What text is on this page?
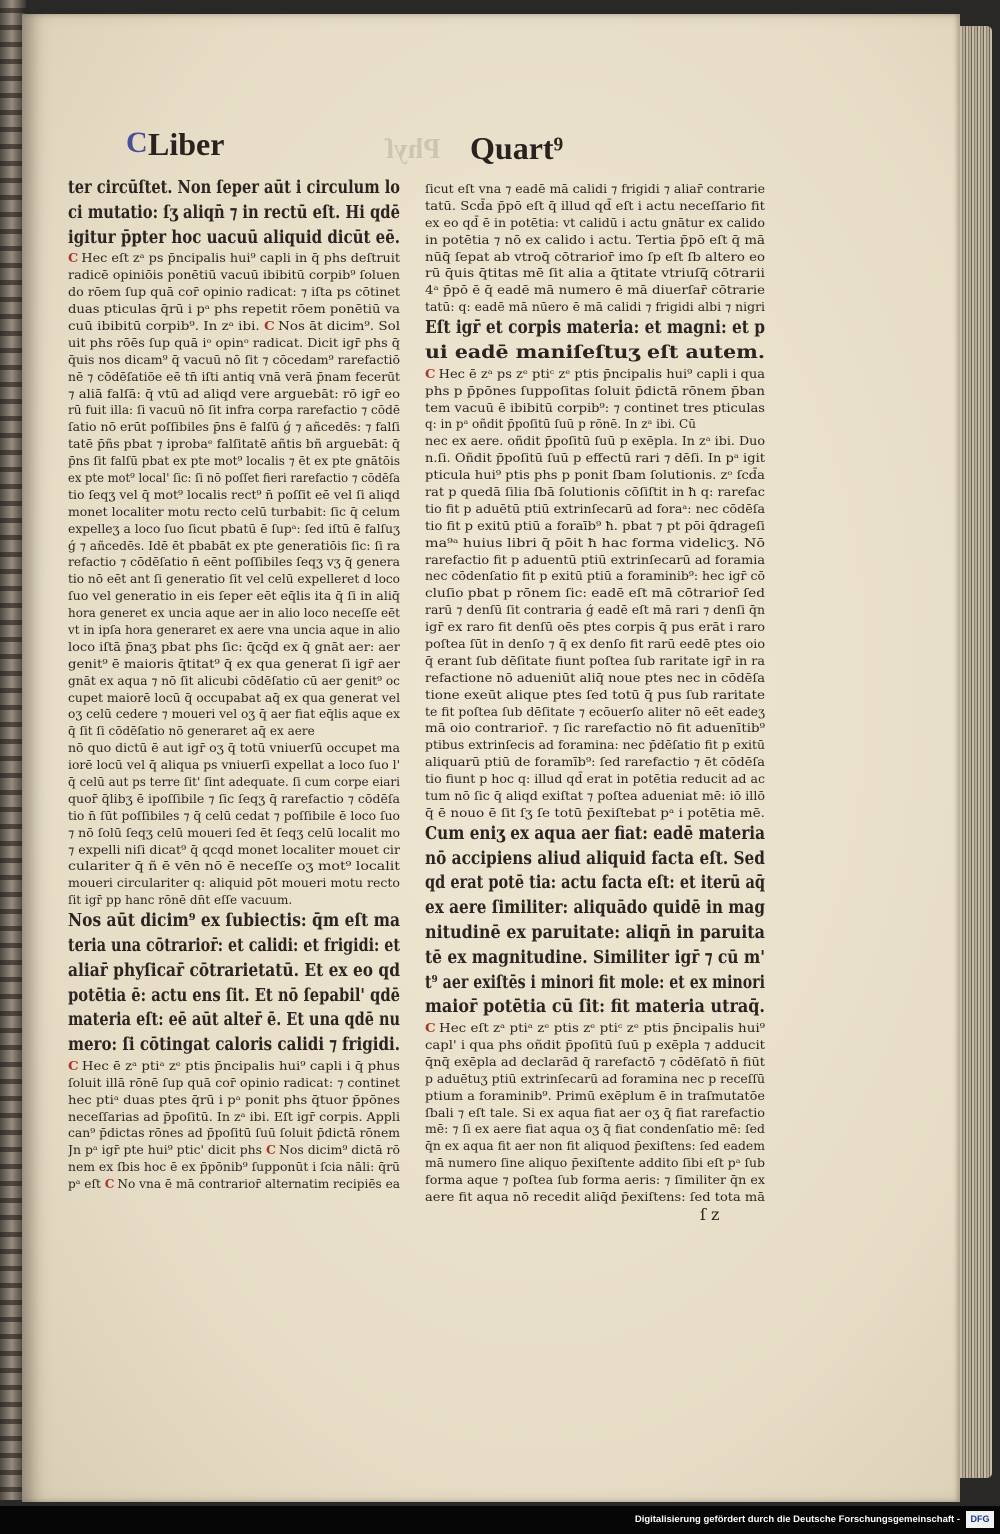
C Liber	Phyſ Quart⁹
ter circūſtet. Non ſeper aūt i circulum lo
ci mutatio: ſʒ aliqn̄ ⁊ in rectū eſt. Hi qdē
igitur p̄pter hoc uacuū aliquid dicūt eē.
C Hec eſt zᵃ ps p̄ncipalis hui⁹ capli in q̄ phs deſtruit
radicē opiniōis ponētiū vacuū ibibitū corpib⁹ ſoluen
do rōem ſup quā cor̄ opinio radicat: ⁊ iſta ps cōtinet
duas pticulas q̄rū i pᵃ phs repetit rōem ponētiū va
cuū ibibitū corpib⁹. In zᵃ ibi. C Nos āt dicim⁹. Sol
uit phs rōēs ſup quā iᵒ opinᵒ radicat. Dicit igr̄ phs q̄
q̄uis nos dicam⁹ q̄ vacuū nō ſit ⁊ cōcedam⁹ rarefactiō
nē ⁊ cōdēſatiōe eē tn̄ iſti antiq vnā verā p̄nam fecerūt
⁊ aliā falſā: q̄ vtū ad aliqd vere arguebāt: rō igr̄ eo
rū fuit illa: ſi vacuū nō ſit infra corpa rarefactio ⁊ cōdē
ſatio nō erūt poſſibiles p̄ns ē falſū ǵ ⁊ añcedēs: ⁊ falſi
tatē p̄ñs pbat ⁊ iprobaᵉ falſitatē añtis bñ arguebāt: q̄
p̄ns ſit falſū pbat ex pte mot⁹ localis ⁊ ēt ex pte gnātōis
ex pte mot⁹ local' ſic: ſi nō poſſet fieri rarefactio ⁊ cōdēſa
tio ſeqʒ vel q̄ mot⁹ localis rect⁹ n̄ poſſit eē vel ſi aliqd
monet localiter motu recto celū turbabit: ſic q̄ celum
expelleʒ a loco ſuo ſicut pbatū ē ſupᵃ: ſed iſtū ē falſuʒ
ǵ ⁊ añcedēs. Idē ēt pbabāt ex pte generatiōis ſic: ſi ra
refactio ⁊ cōdēſatio n̄ eēnt poſſibiles ſeqʒ vʒ q̄ genera
tio nō eēt ant ſi generatio ſit vel celū expelleret d loco
ſuo vel generatio in eis ſeper eēt eq̄lis ita q̄ ſi in aliq̄
hora generet ex uncia aque aer in alio loco neceſſe eēt
vt in ipſa hora generaret ex aere vna uncia aque in alio
loco iſtā p̄naʒ pbat phs ſic: q̄cq̄d ex q̄ gnāt aer: aer
genit⁹ ē maioris q̄titat⁹ q̄ ex qua generat ſi igr̄ aer
gnāt ex aqua ⁊ nō ſit alicubi cōdēſatio cū aer genit⁹ oc
cupet maiorē locū q̄ occupabat aq̄ ex qua generat vel
oʒ celū cedere ⁊ moueri vel oʒ q̄ aer fiat eq̄lis aque ex
q̄ ſit ſi cōdēſatio nō generaret aq̄ ex aere
nō quo dictū ē aut igr̄ oʒ q̄ totū vniuerſū occupet ma
iorē locū vel q̄ aliqua ps vniuerſi expellat a loco ſuo l'
q̄ celū aut ps terre ſit' ſint adequate. ſi cum corpe eiari
quor̄ q̄libʒ ē ipoſſibile ⁊ ſic ſeqʒ q̄ rarefactio ⁊ cōdēſa
tio n̄ ſūt poſſibiles ⁊ q̄ celū cedat ⁊ poſſibile ē loco ſuo
⁊ nō ſolū ſeqʒ celū moueri ſed ēt ſeqʒ celū localit mo
⁊ expelli niſi dicat⁹ q̄ qcqd monet localiter mouet cir
culariter q̄ ñ ē vēn nō ē neceſſe oʒ mot⁹ localit
moueri circulariter q: aliquid pōt moueri motu recto
ſit igr̄ pp hanc rōnē dn̄t eſſe vacuum.
Nos aūt dicim⁹ ex ſubiectis: q̄m eſt ma
teria una cōtrarior̄: et calidi: et frigidi: et
aliar̄ phyſicar̄ cōtrarietatū. Et ex eo qd
potētia ē: actu ens ſit. Et nō ſepabil' qdē
materia eſt: eē aūt alter̄ ē. Et una qdē nu
mero: ſi cōtingat caloris calidi ⁊ frigidi.
C Hec ē zᵃ ptiᵃ zᵉ ptis p̄ncipalis hui⁹ capli i q̄ phus
ſoluit illā rōnē ſup quā cor̄ opinio radicat: ⁊ continet
hec ptiᵃ duas ptes q̄rū i pᵃ ponit phs q̄tuor p̄pōnes
neceſſarias ad p̄poſitū. In zᵃ ibi. Eſt igr̄ corpis. Appli
can⁹ p̄dictas rōnes ad p̄poſitū ſuū ſoluit p̄dictā rōnem
Jn pᵃ igr̄ pte hui⁹ ptic' dicit phs C Nos dicim⁹ dictā rō
nem ex ſbis hoc ē ex p̄pōnib⁹ ſupponūt i ſcia nāli: q̄rū
pᵃ eſt C No vna ē mā contrarior̄ alternatim recipiēs ea
ſicut eſt vna ⁊ eadē mā calidi ⁊ frigidi ⁊ aliar̄ contrarie
tatū. Scd̄a p̄pō eſt q̄ illud qd̄ eſt i actu neceſſario fit
ex eo qd̄ ē in potētia: vt calidū i actu gnātur ex calido
in potētia ⁊ nō ex calido i actu. Tertia p̄pō eſt q̄ mā
nūq̄ ſepat ab vtroq̄ cōtrarior̄ imo ſp eſt ſb altero eo
rū q̄uis q̄titas mē ſit alia a q̄titate vtriuſq̄ cōtrarii
4ᵃ p̄pō ē q̄ eadē mā numero ē mā diuerſar̄ cōtrarie
tatū: q: eadē mā nūero ē mā calidi ⁊ frigidi albi ⁊ nigri
Eſt igr̄ et corpis materia: et magni: et p
ui eadē maniſeſtuʒ eſt autem.
C Hec ē zᵃ ps zᵉ ptiᶜ zᵉ ptis p̄ncipalis hui⁹ capli i qua
phs p p̄pōnes ſuppoſitas ſoluit p̄dictā rōnem p̄ban
tem vacuū ē ibibitū corpib⁹: ⁊ continet tres pticulas
q: in pᵃ oñdit p̄poſitū ſuū p rōnē. In zᵃ ibi. Cū
nec ex aere. oñdit p̄poſitū ſuū p exēpla. In zᵃ ibi. Duo
n.ſi. Oñdit p̄poſitū ſuū p effectū rari ⁊ dēſi. In pᵃ igit
pticula hui⁹ ptis phs p ponit ſbam ſolutionis. zᵒ ſcd̄a
rat p quedā ſilia ſbā ſolutionis cōſiſtit in ħ q: rarefac
tio fit p aduētū ptiū extrinſecarū ad foraᵃ: nec cōdēſa
tio fit p exitū ptiū a foraīb⁹ ħ. pbat ⁊ pt pōi q̄drageſi
ma⁹ᵃ huius libri q̄ pōit ħ hac forma videlicʒ. Nō
rarefactio fit p aduentū ptiū extrinſecarū ad foramia
nec cōdenſatio fit p exitū ptiū a foraminib⁹: hec igr̄ cō
cluſio pbat p rōnem ſic: eadē eſt mā cōtrarior̄ ſed
rarū ⁊ denſū ſit contraria ǵ eadē eſt mā rari ⁊ denſi q̄n
igr̄ ex raro fit denſū oēs ptes corpis q̄ pus erāt i raro
poſtea ſūt in denſo ⁊ q̄ ex denſo fit rarū eedē ptes oio
q̄ erant ſub dēſitate fiunt poſtea ſub raritate igr̄ in ra
refactione nō adueniūt aliq̄ noue ptes nec in cōdēſa
tione exeūt alique ptes ſed totū q̄ pus ſub raritate
te fit poſtea ſub dēſitate ⁊ ecōuerſo aliter nō eēt eadeʒ
mā oio contrarior̄. ⁊ ſic rarefactio nō fit aduenītib⁹
ptibus extrinſecis ad foramina: nec p̄dēſatio fit p exitū
aliquarū ptiū de foramīb⁹: ſed rarefactio ⁊ ēt cōdēſa
tio fiunt p hoc q: illud qd̄ erat in potētia reducit ad ac
tum nō ſic q̄ aliqd exiſtat ⁊ poſtea adueniat mē: iō illō
q̄ ē nouo ē ſit ſʒ ſe totū p̄exiſtebat pᵃ i potētia mē.
Cum eniʒ ex aqua aer fiat: eadē materia
nō accipiens aliud aliquid facta eſt. Sed
qd erat potē tia: actu facta eſt: et iterū aq̄
ex aere ſimiliter: aliquādo quidē in mag
nitudinē ex paruitate: aliqn̄ in paruita
tē ex magnitudine. Similiter igr̄ ⁊ cū m'
t⁹ aer exiſtēs i minori fit mole: et ex minori
maior̄ potētia cū ſit: fit materia utraq̄.
C Hec eſt zᵃ ptiᵃ zᵉ ptis zᵉ ptiᶜ zᵉ ptis p̄ncipalis hui⁹
capl' i qua phs oñdit p̄poſitū ſuū p exēpla ⁊ adducit
q̄nq̄ exēpla ad declarād q̄ rarefactō ⁊ cōdēſatō n̄ fiūt
p aduētuʒ ptiū extrinſecarū ad foramina nec p receſſū
ptium a foraminib⁹. Primū exēplum ē in traſmutatōe
ſbali ⁊ eſt tale. Si ex aqua fiat aer oʒ q̄ fiat rarefactio
mē: ⁊ ſi ex aere fiat aqua oʒ q̄ fiat condenſatio mē: ſed
q̄n ex aqua fit aer non fit aliquod p̄exiſtens: ſed eadem
mā numero ſine aliquo p̄exiſtente addito ſibi eſt pᵃ ſub
forma aque ⁊ poſtea ſub forma aeris: ⁊ ſimiliter q̄n ex
aere fit aqua nō recedit aliq̄d p̄exiſtens: ſed tota mā
ſ z
Digitalisierung gefördert durch die Deutsche Forschungsgemeinschaft -	DFG
